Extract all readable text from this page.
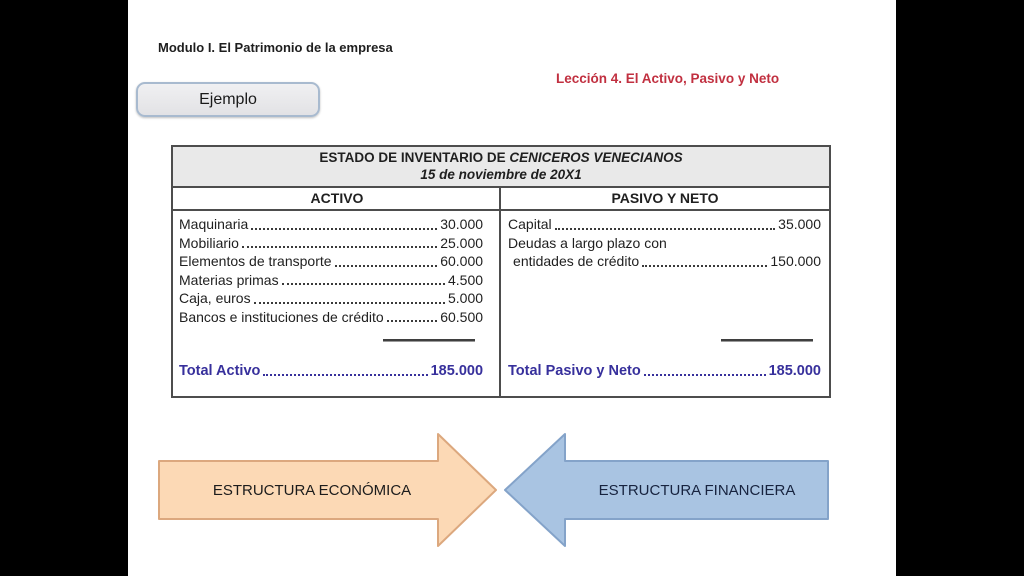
Modulo I. El Patrimonio de la empresa
Lección 4. El Activo, Pasivo y Neto
Ejemplo
ESTADO DE INVENTARIO DE CENICEROS VENECIANOS
15 de noviembre de 20X1
ACTIVO	PASIVO Y NETO
Maquinaria	30.000
Mobiliario	25.000
Elementos de transporte	60.000
Materias primas	4.500
Caja, euros	5.000
Bancos e instituciones de crédito	60.500
Total Activo	185.000
Capital	35.000
Deudas a largo plazo con
entidades de crédito	150.000
Total Pasivo y Neto	185.000
ESTRUCTURA ECONÓMICA	ESTRUCTURA FINANCIERA
